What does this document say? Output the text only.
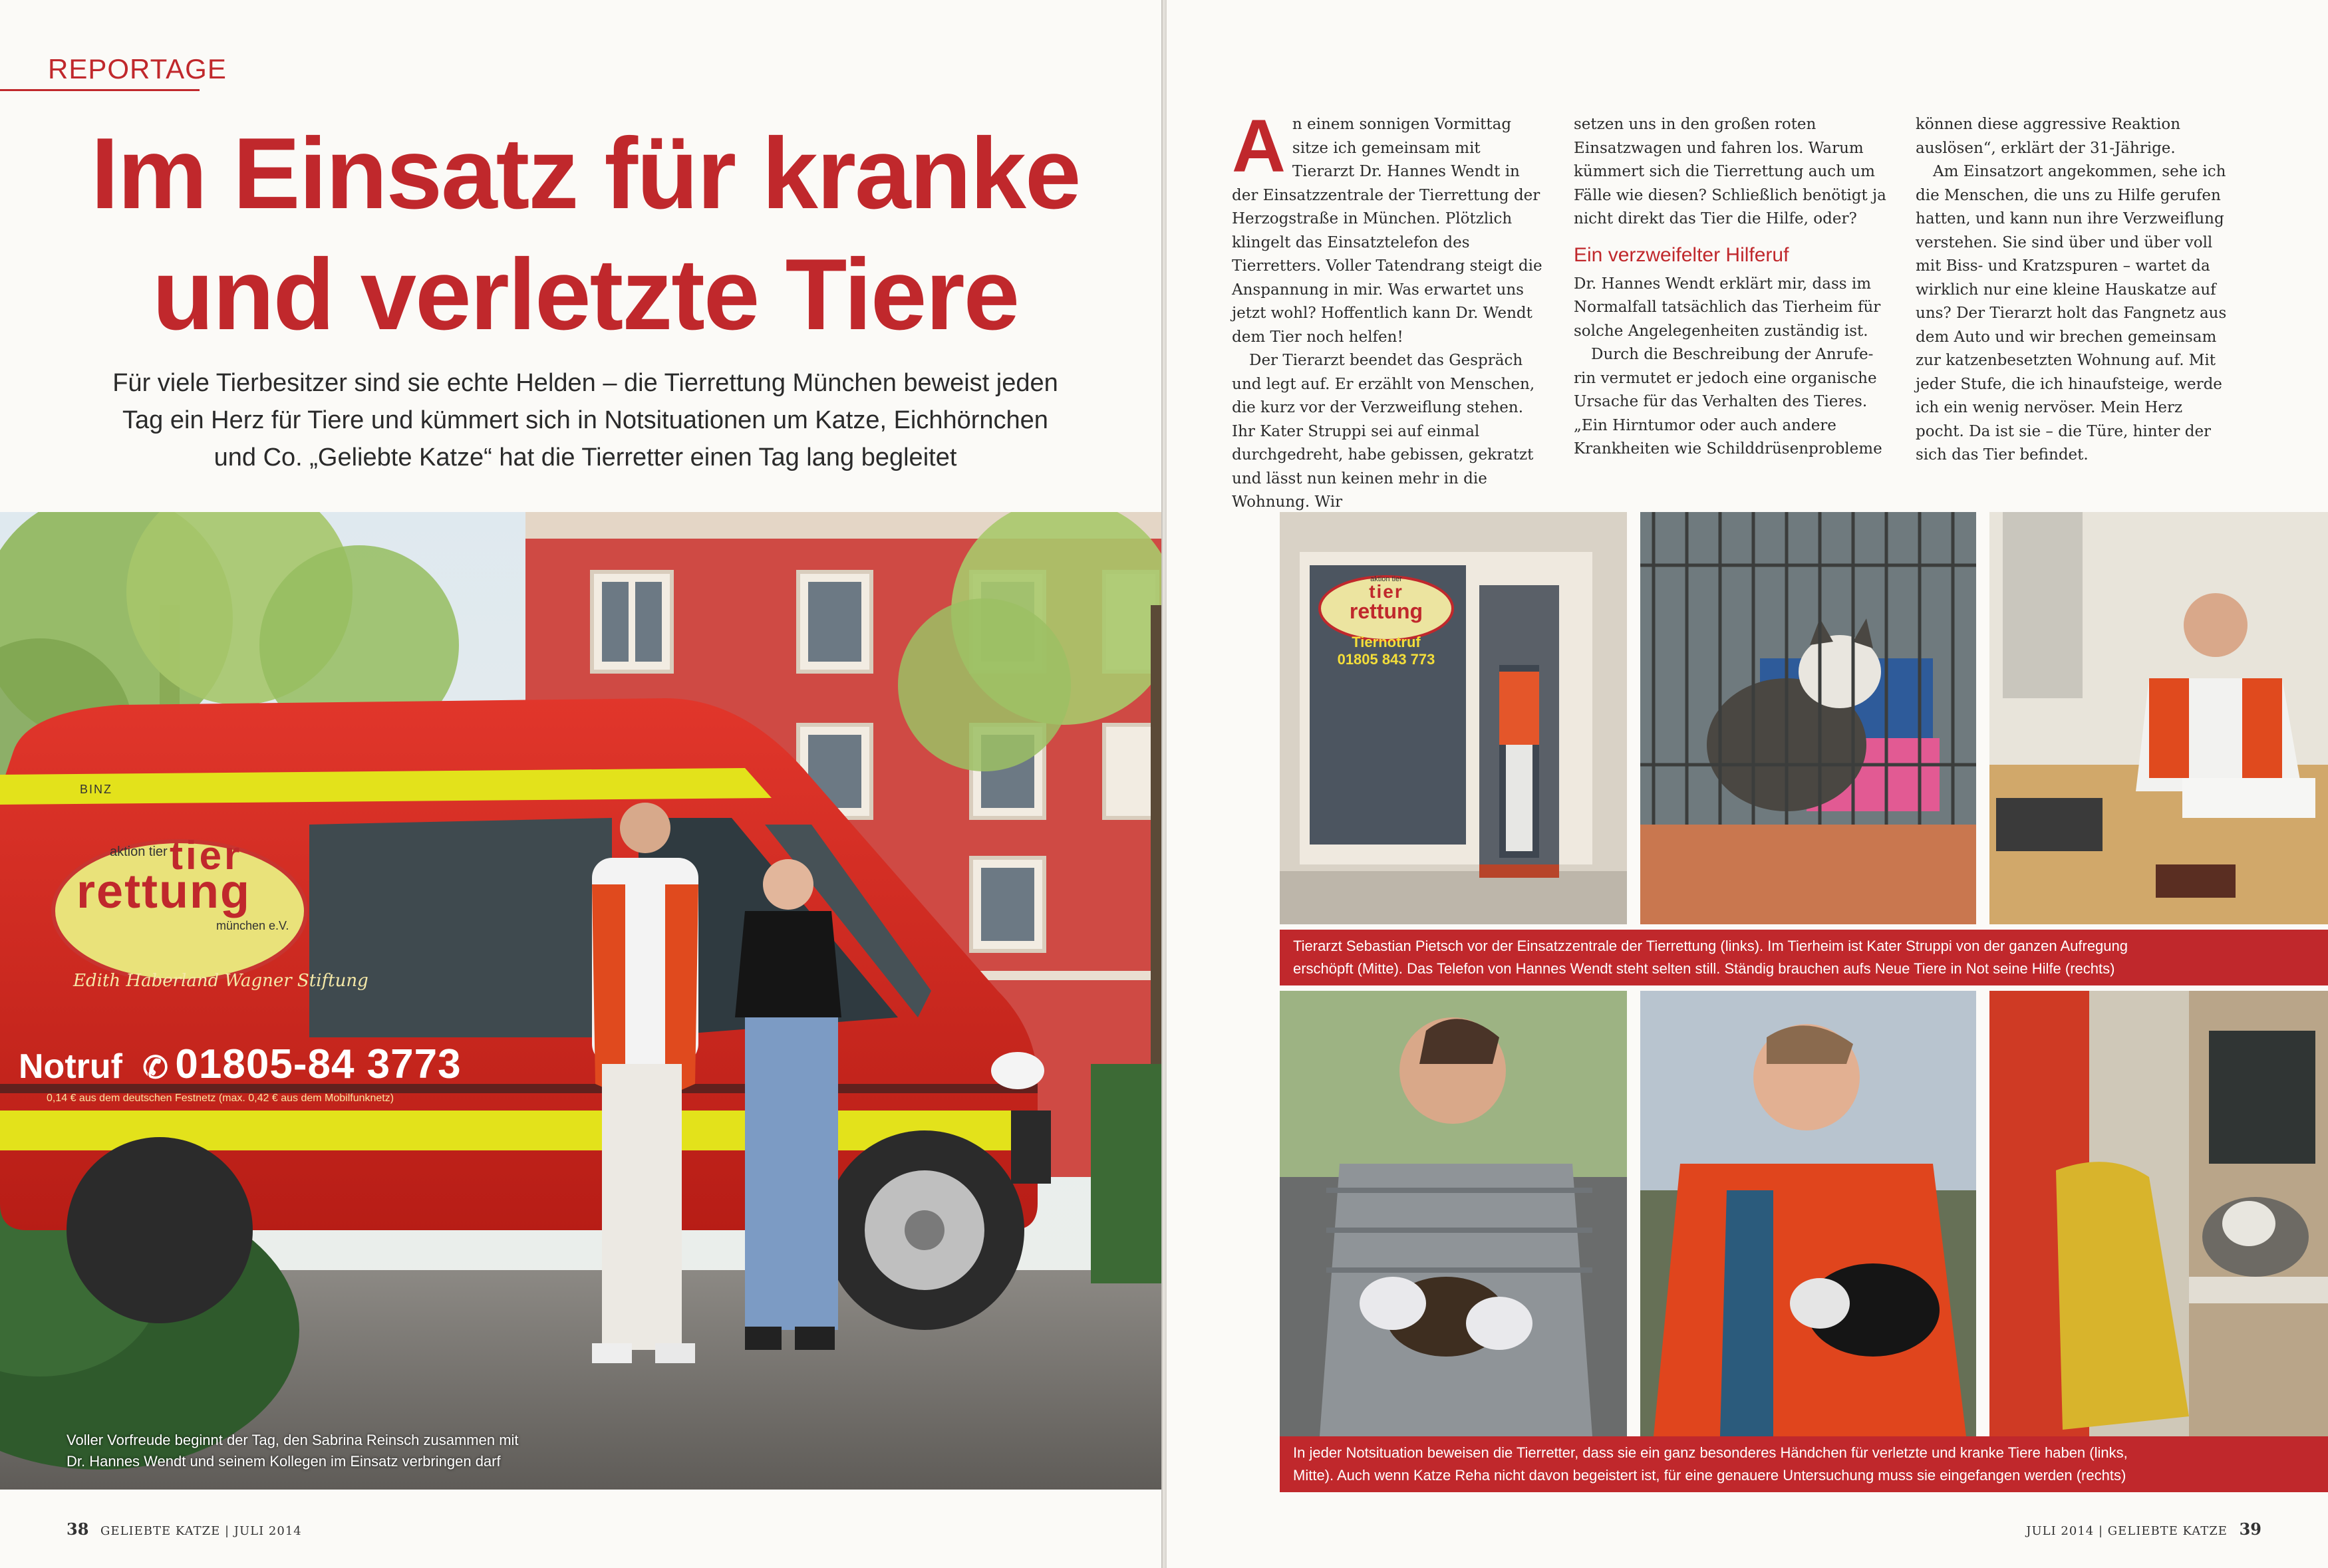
REPORTAGE
Im Einsatz für kranke
und verletzte Tiere
Für viele Tierbesitzer sind sie echte Helden – die Tierrettung München beweist jeden
Tag ein Herz für Tiere und kümmert sich in Notsituationen um Katze, Eichhörnchen
und Co. „Geliebte Katze“ hat die Tierretter einen Tag lang begleitet
aktion tier tier
rettung
münchen e.V.
Edith Haberland Wagner Stiftung
BINZ
Notruf ✆ 01805-84 3773
0,14 € aus dem deutschen Festnetz (max. 0,42 € aus dem Mobilfunknetz)
Voller Vorfreude beginnt der Tag, den Sabrina Reinsch zusammen mit
Dr. Hannes Wendt und seinem Kollegen im Einsatz verbringen darf
38 GELIEBTE KATZE | JULI 2014

An einem sonnigen Vormittag sitze ich gemeinsam mit Tierarzt Dr. Hannes Wendt in der Einsatzzentrale der Tierrettung der Herzogstraße in München. Plötzlich klingelt das Einsatztelefon des Tierretters. Voller Tatendrang steigt die Anspannung in mir. Was erwartet uns jetzt wohl? Hoffentlich kann Dr. Wendt dem Tier noch helfen!

Der Tierarzt beendet das Gespräch und legt auf. Er erzählt von Menschen, die kurz vor der Verzweiflung stehen. Ihr Kater Struppi sei auf einmal durchgedreht, habe gebissen, gekratzt und lässt nun keinen mehr in die Wohnung. Wir

setzen uns in den großen roten Einsatzwagen und fahren los. Warum kümmert sich die Tierrettung auch um Fälle wie diesen? Schließlich benötigt ja nicht direkt das Tier die Hilfe, oder?

Ein verzweifelter Hilferuf

Dr. Hannes Wendt erklärt mir, dass im Normalfall tatsächlich das Tierheim für solche Angelegenheiten zuständig ist.

Durch die Beschreibung der Anrufe-rin vermutet er jedoch eine organische Ursache für das Verhalten des Tieres. „Ein Hirntumor oder auch andere Krankheiten wie Schilddrüsenprobleme

können diese aggressive Reaktion auslösen“, erklärt der 31-Jährige.

Am Einsatzort angekommen, sehe ich die Menschen, die uns zu Hilfe gerufen hatten, und kann nun ihre Verzweiflung verstehen. Sie sind über und über voll mit Biss- und Kratzspuren – wartet da wirklich nur eine kleine Hauskatze auf uns? Der Tierarzt holt das Fangnetz aus dem Auto und wir brechen gemeinsam zur katzenbesetzten Wohnung auf. Mit jeder Stufe, die ich hinaufsteige, werde ich ein wenig nervöser. Mein Herz pocht. Da ist sie – die Türe, hinter der sich das Tier befindet.

aktion tier
tier
rettung
Tiernotruf
01805 843 773
Tierarzt Sebastian Pietsch vor der Einsatzzentrale der Tierrettung (links). Im Tierheim ist Kater Struppi von der ganzen Aufregung
erschöpft (Mitte). Das Telefon von Hannes Wendt steht selten still. Ständig brauchen aufs Neue Tiere in Not seine Hilfe (rechts)
In jeder Notsituation beweisen die Tierretter, dass sie ein ganz besonderes Händchen für verletzte und kranke Tiere haben (links,
Mitte). Auch wenn Katze Reha nicht davon begeistert ist, für eine genauere Untersuchung muss sie eingefangen werden (rechts)
JULI 2014 | GELIEBTE KATZE 39
